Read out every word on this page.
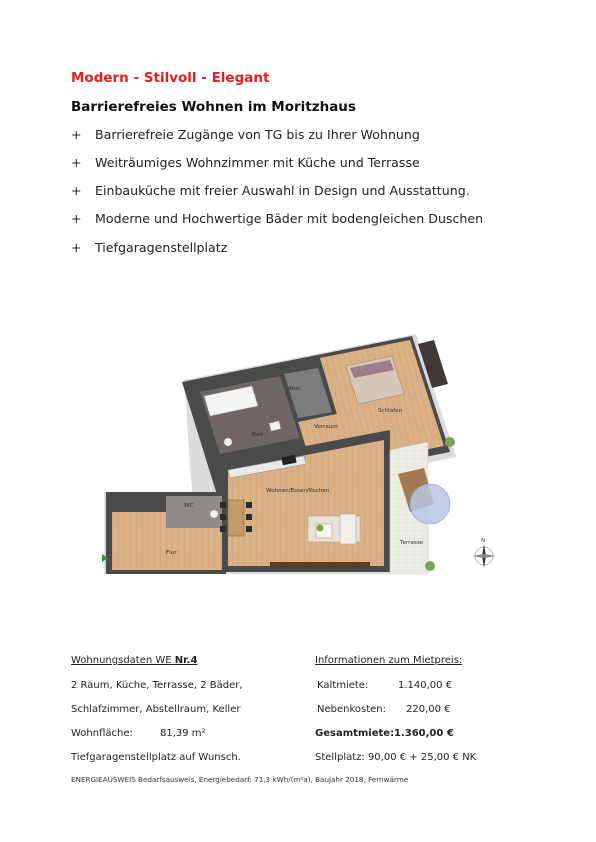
Modern - Stilvoll - Elegant
Barrierefreies Wohnen im Moritzhaus
+ Barrierefreie Zugänge von TG bis zu Ihrer Wohnung
+ Weiträumiges Wohnzimmer mit Küche und Terrasse
+ Einbauküche mit freier Auswahl in Design und Ausstattung.
+ Moderne und Hochwertige Bäder mit bodengleichen Duschen
+ Tiefgaragenstellplatz
N
Abst.
Schlafen
Bad
Vorraum
Wohnen/Essen/Kochen
WC
Flur
Terrasse
Wohnungsdaten WE Nr.4
2 Raum, Küche, Terrasse, 2 Bäder,
Schlafzimmer, Abstellraum, Keller
Wohnfläche:	81,39 m²
Tiefgaragenstellplatz auf Wunsch.
Informationen zum Mietpreis:
Kaltmiete:	1.140,00 €
Nebenkosten: 220,00 €
Gesamtmiete: 1.360,00 €
Stellplatz: 90,00 € + 25,00 € NK
ENERGIEAUSWEIS Bedarfsausweis, Energiebedarf: 71,3 kWh/(m²a), Baujahr 2018, Fernwärme
